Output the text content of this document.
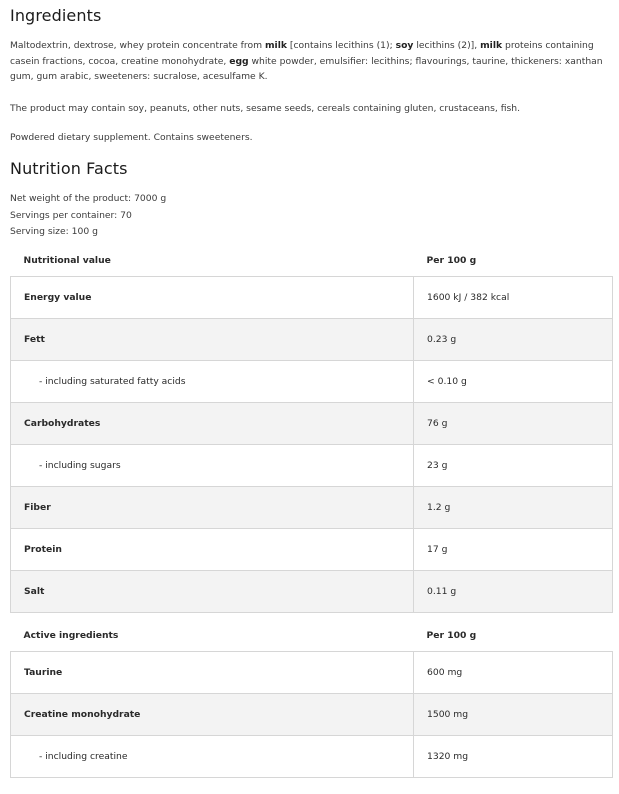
Ingredients

Maltodextrin, dextrose, whey protein concentrate from milk [contains lecithins (1); soy lecithins (2)], milk proteins containing casein fractions, cocoa, creatine monohydrate, egg white powder, emulsifier: lecithins; flavourings, taurine, thickeners: xanthan gum, gum arabic, sweeteners: sucralose, acesulfame K.

The product may contain soy, peanuts, other nuts, sesame seeds, cereals containing gluten, crustaceans, fish.

Powdered dietary supplement. Contains sweeteners.

Nutrition Facts
Net weight of the product: 7000 g
Servings per container: 70
Serving size: 100 g
Nutritional value	Per 100 g
Energy value	1600 kJ / 382 kcal
Fett	0.23 g
- including saturated fatty acids	< 0.10 g
Carbohydrates	76 g
- including sugars	23 g
Fiber	1.2 g
Protein	17 g
Salt	0.11 g
Active ingredients	Per 100 g
Taurine	600 mg
Creatine monohydrate	1500 mg
- including creatine	1320 mg
